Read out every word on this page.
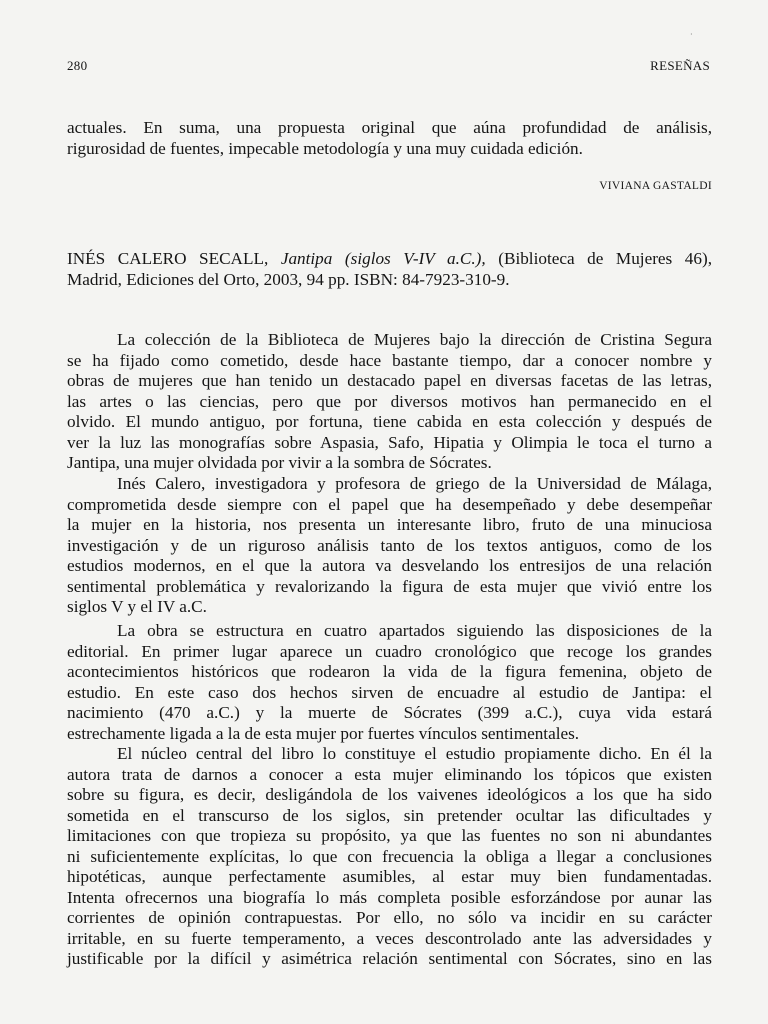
·
280	RESEÑAS
actuales. En suma, una propuesta original que aúna profundidad de análisis,
rigurosidad de fuentes, impecable metodología y una muy cuidada edición.
VIVIANA GASTALDI
INÉS CALERO SECALL, Jantipa (siglos V-IV a.C.), (Biblioteca de Mujeres 46),
Madrid, Ediciones del Orto, 2003, 94 pp. ISBN: 84-7923-310-9.
La colección de la Biblioteca de Mujeres bajo la dirección de Cristina Segura
se ha fijado como cometido, desde hace bastante tiempo, dar a conocer nombre y
obras de mujeres que han tenido un destacado papel en diversas facetas de las letras,
las artes o las ciencias, pero que por diversos motivos han permanecido en el
olvido. El mundo antiguo, por fortuna, tiene cabida en esta colección y después de
ver la luz las monografías sobre Aspasia, Safo, Hipatia y Olimpia le toca el turno a
Jantipa, una mujer olvidada por vivir a la sombra de Sócrates.
Inés Calero, investigadora y profesora de griego de la Universidad de Málaga,
comprometida desde siempre con el papel que ha desempeñado y debe desempeñar
la mujer en la historia, nos presenta un interesante libro, fruto de una minuciosa
investigación y de un riguroso análisis tanto de los textos antiguos, como de los
estudios modernos, en el que la autora va desvelando los entresijos de una relación
sentimental problemática y revalorizando la figura de esta mujer que vivió entre los
siglos V y el IV a.C.
La obra se estructura en cuatro apartados siguiendo las disposiciones de la
editorial. En primer lugar aparece un cuadro cronológico que recoge los grandes
acontecimientos históricos que rodearon la vida de la figura femenina, objeto de
estudio. En este caso dos hechos sirven de encuadre al estudio de Jantipa: el
nacimiento (470 a.C.) y la muerte de Sócrates (399 a.C.), cuya vida estará
estrechamente ligada a la de esta mujer por fuertes vínculos sentimentales.
El núcleo central del libro lo constituye el estudio propiamente dicho. En él la
autora trata de darnos a conocer a esta mujer eliminando los tópicos que existen
sobre su figura, es decir, desligándola de los vaivenes ideológicos a los que ha sido
sometida en el transcurso de los siglos, sin pretender ocultar las dificultades y
limitaciones con que tropieza su propósito, ya que las fuentes no son ni abundantes
ni suficientemente explícitas, lo que con frecuencia la obliga a llegar a conclusiones
hipotéticas, aunque perfectamente asumibles, al estar muy bien fundamentadas.
Intenta ofrecernos una biografía lo más completa posible esforzándose por aunar las
corrientes de opinión contrapuestas. Por ello, no sólo va incidir en su carácter
irritable, en su fuerte temperamento, a veces descontrolado ante las adversidades y
justificable por la difícil y asimétrica relación sentimental con Sócrates, sino en las
